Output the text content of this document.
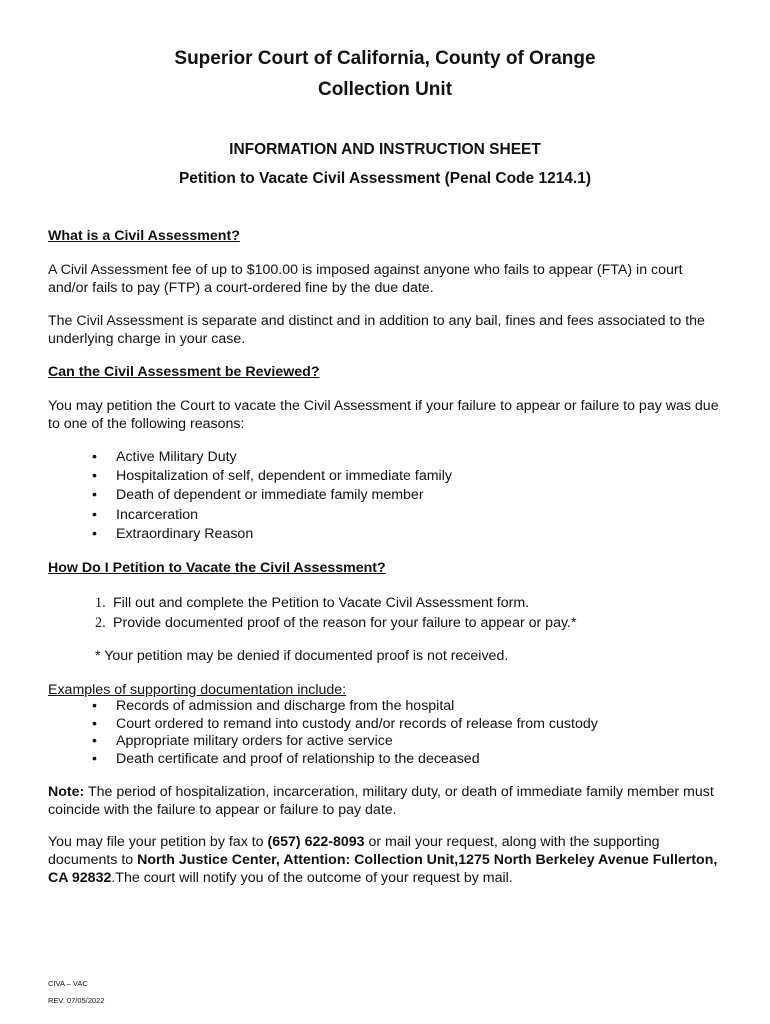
Superior Court of California, County of Orange
Collection Unit
INFORMATION AND INSTRUCTION SHEET
Petition to Vacate Civil Assessment (Penal Code 1214.1)
What is a Civil Assessment?
A Civil Assessment fee of up to $100.00 is imposed against anyone who fails to appear (FTA) in court and/or fails to pay (FTP) a court-ordered fine by the due date.
The Civil Assessment is separate and distinct and in addition to any bail, fines and fees associated to the underlying charge in your case.
Can the Civil Assessment be Reviewed?
You may petition the Court to vacate the Civil Assessment if your failure to appear or failure to pay was due to one of the following reasons:
• Active Military Duty
• Hospitalization of self, dependent or immediate family
• Death of dependent or immediate family member
• Incarceration
• Extraordinary Reason
How Do I Petition to Vacate the Civil Assessment?
1. Fill out and complete the Petition to Vacate Civil Assessment form.
2. Provide documented proof of the reason for your failure to appear or pay.*
* Your petition may be denied if documented proof is not received.
Examples of supporting documentation include:
• Records of admission and discharge from the hospital
• Court ordered to remand into custody and/or records of release from custody
• Appropriate military orders for active service
• Death certificate and proof of relationship to the deceased
Note: The period of hospitalization, incarceration, military duty, or death of immediate family member must coincide with the failure to appear or failure to pay date.
You may file your petition by fax to (657) 622-8093 or mail your request, along with the supporting documents to North Justice Center, Attention: Collection Unit,1275 North Berkeley Avenue Fullerton, CA 92832.The court will notify you of the outcome of your request by mail.
CIVA – VAC
REV. 07/05/2022
